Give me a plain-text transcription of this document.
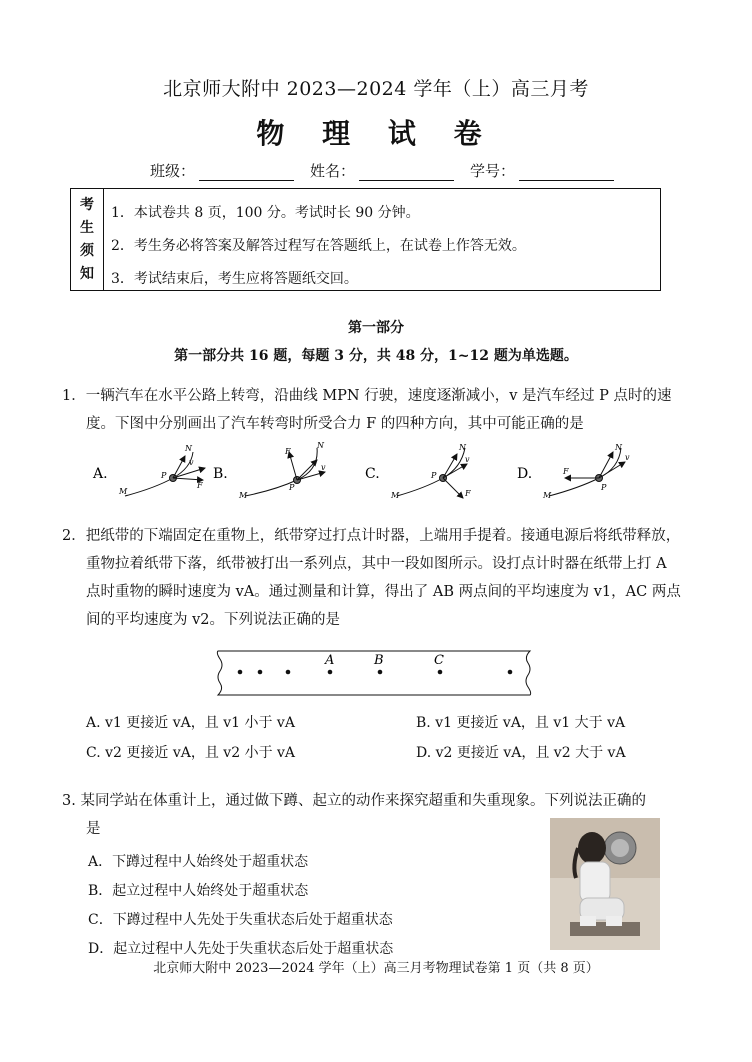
北京师大附中 2023—2024 学年（上）高三月考
物 理 试 卷
班级：	姓名：	学号：
考
生
须
知
1．本试卷共 8 页，100 分。考试时长 90 分钟。
2．考生务必将答案及解答过程写在答题纸上，在试卷上作答无效。
3．考试结束后，考生应将答题纸交回。
第一部分
第一部分共 16 题，每题 3 分，共 48 分，1~12 题为单选题。
1．一辆汽车在水平公路上转弯，沿曲线 MPN 行驶，速度逐渐减小，v 是汽车经过 P 点时的速
度。下图中分别画出了汽车转弯时所受合力 F 的四种方向，其中可能正确的是
A.
M
N
P
v
F
B.
M
N
F
P
v	C.
M
N
P
v
F
D.
M
N
F
P
v
2．把纸带的下端固定在重物上，纸带穿过打点计时器，上端用手提着。接通电源后将纸带释放，
重物拉着纸带下落，纸带被打出一系列点，其中一段如图所示。设打点计时器在纸带上打 A
点时重物的瞬时速度为 vA。通过测量和计算，得出了 AB 两点间的平均速度为 v1，AC 两点
间的平均速度为 v2。下列说法正确的是
A	B	C
A. v1 更接近 vA，且 v1 小于 vA	B. v1 更接近 vA，且 v1 大于 vA
C. v2 更接近 vA，且 v2 小于 vA	D. v2 更接近 vA，且 v2 大于 vA
3. 某同学站在体重计上，通过做下蹲、起立的动作来探究超重和失重现象。下列说法正确的
是
A．下蹲过程中人始终处于超重状态
B．起立过程中人始终处于超重状态
C．下蹲过程中人先处于失重状态后处于超重状态
D．起立过程中人先处于失重状态后处于超重状态
北京师大附中 2023—2024 学年（上）高三月考物理试卷第 1 页（共 8 页）
